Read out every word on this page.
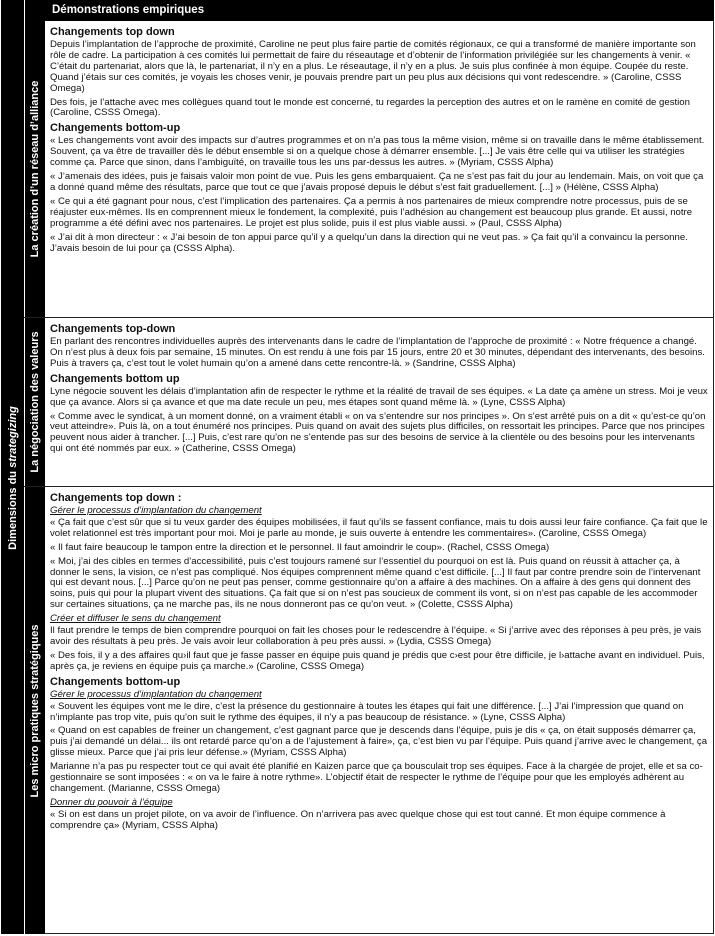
Démonstrations empiriques
Dimensions du strategizing
La création d’un réseau d’alliance
La négociation des valeurs
Les micro pratiques stratégiques
Changements top down

Depuis l’implantation de l’approche de proximité, Caroline ne peut plus faire partie de comités régionaux, ce qui a transformé de manière importante son rôle de cadre. La participation à ces comités lui permettait de faire du réseautage et d’obtenir de l’information privilégiée sur les changements à venir. « C’était du partenariat, alors que là, le partenariat, il n’y en a plus. Le réseautage, il n’y en a plus. Je suis plus confinée à mon équipe. Coupée du reste. Quand j’étais sur ces comités, je voyais les choses venir, je pouvais prendre part un peu plus aux décisions qui vont redescendre. » (Caroline, CSSS Omega)

Des fois, je l’attache avec mes collègues quand tout le monde est concerné, tu regardes la perception des autres et on le ramène en comité de gestion (Caroline, CSSS Omega).

Changements bottom-up

« Les changements vont avoir des impacts sur d’autres programmes et on n’a pas tous la même vision, même si on travaille dans le même établissement. Souvent, ça va être de travailler dès le début ensemble si on a quelque chose à démarrer ensemble. [...] Je vais être celle qui va utiliser les stratégies comme ça. Parce que sinon, dans l’ambiguïté, on travaille tous les uns par-dessus les autres. » (Myriam, CSSS Alpha)

« J’amenais des idées, puis je faisais valoir mon point de vue. Puis les gens embarquaient. Ça ne s’est pas fait du jour au lendemain. Mais, on voit que ça a donné quand même des résultats, parce que tout ce que j’avais proposé depuis le début s’est fait graduellement. [...] » (Hélène, CSSS Alpha)

« Ce qui a été gagnant pour nous, c’est l’implication des partenaires. Ça a permis à nos partenaires de mieux comprendre notre processus, puis de se réajuster eux-mêmes. Ils en comprennent mieux le fondement, la complexité, puis l’adhésion au changement est beaucoup plus grande. Et aussi, notre programme a été défini avec nos partenaires. Le projet est plus solide, puis il est plus viable aussi. » (Paul, CSSS Alpha)

« J’ai dit à mon directeur : « J’ai besoin de ton appui parce qu’il y a quelqu’un dans la direction qui ne veut pas. » Ça fait qu’il a convaincu la personne. J’avais besoin de lui pour ça (CSSS Alpha).

Changements top-down

En parlant des rencontres individuelles auprès des intervenants dans le cadre de l’implantation de l’approche de proximité : « Notre fréquence a changé. On n’est plus à deux fois par semaine, 15 minutes. On est rendu à une fois par 15 jours, entre 20 et 30 minutes, dépendant des intervenants, des besoins. Puis à travers ça, c’est tout le volet humain qu’on a amené dans cette rencontre-là. » (Sandrine, CSSS Alpha)

Changements bottom up

Lyne négocie souvent les délais d’implantation afin de respecter le rythme et la réalité de travail de ses équipes. « La date ça amène un stress. Moi je veux que ça avance. Alors si ça avance et que ma date recule un peu, mes étapes sont quand même là. » (Lyne, CSSS Alpha)

« Comme avec le syndicat, à un moment donné, on a vraiment établi « on va s’entendre sur nos principes ». On s’est arrêté puis on a dit « qu’est-ce qu’on veut atteindre». Puis là, on a tout énuméré nos principes. Puis quand on avait des sujets plus difficiles, on ressortait les principes. Parce que nos principes peuvent nous aider à trancher. [...] Puis, c’est rare qu’on ne s’entende pas sur des besoins de service à la clientèle ou des besoins pour les intervenants qui ont été nommés par eux. » (Catherine, CSSS Omega)

Changements top down :
Gérer le processus d’implantation du changement

« Ça fait que c’est sûr que si tu veux garder des équipes mobilisées, il faut qu’ils se fassent confiance, mais tu dois aussi leur faire confiance. Ça fait que le volet relationnel est très important pour moi. Moi je parle au monde, je suis ouverte à entendre les commentaires». (Caroline, CSSS Omega)

« Il faut faire beaucoup le tampon entre la direction et le personnel. Il faut amoindrir le coup». (Rachel, CSSS Omega)

« Moi, j’ai des cibles en termes d’accessibilité, puis c’est toujours ramené sur l’essentiel du pourquoi on est là. Puis quand on réussit à attacher ça, à donner le sens, la vision, ce n’est pas compliqué. Nos équipes comprennent même quand c’est difficile. [...] Il faut par contre prendre soin de l’intervenant qui est devant nous. [...] Parce qu’on ne peut pas penser, comme gestionnaire qu’on a affaire à des machines. On a affaire à des gens qui donnent des soins, puis qui pour la plupart vivent des situations. Ça fait que si on n’est pas soucieux de comment ils vont, si on n’est pas capable de les accommoder sur certaines situations, ça ne marche pas, ils ne nous donneront pas ce qu’on veut. » (Colette, CSSS Alpha)

Créer et diffuser le sens du changement

Il faut prendre le temps de bien comprendre pourquoi on fait les choses pour le redescendre à l’équipe. « Si j’arrive avec des réponses à peu près, je vais avoir des résultats à peu près. Je vais avoir leur collaboration à peu près aussi. » (Lydia, CSSS Omega)

« Des fois, il y a des affaires qu›il faut que je fasse passer en équipe puis quand je prédis que c›est pour être difficile, je l›attache avant en individuel. Puis, après ça, je reviens en équipe puis ça marche.» (Caroline, CSSS Omega)

Changements bottom-up
Gérer le processus d’implantation du changement

« Souvent les équipes vont me le dire, c’est la présence du gestionnaire à toutes les étapes qui fait une différence. [...] J’ai l’impression que quand on n’implante pas trop vite, puis qu’on suit le rythme des équipes, il n’y a pas beaucoup de résistance. » (Lyne, CSSS Alpha)

« Quand on est capables de freiner un changement, c’est gagnant parce que je descends dans l’équipe, puis je dis « ça, on était supposés démarrer ça, puis j’ai demandé un délai... ils ont retardé parce qu’on a de l’ajustement à faire», ça, c’est bien vu par l’équipe. Puis quand j’arrive avec le changement, ça glisse mieux. Parce que j’ai pris leur défense.» (Myriam, CSSS Alpha)

Marianne n’a pas pu respecter tout ce qui avait été planifié en Kaizen parce que ça bousculait trop ses équipes. Face à la chargée de projet, elle et sa co-gestionnaire se sont imposées : « on va le faire à notre rythme». L’objectif était de respecter le rythme de l’équipe pour que les employés adhèrent au changement. (Marianne, CSSS Omega)

Donner du pouvoir à l’équipe

« Si on est dans un projet pilote, on va avoir de l’influence. On n’arrivera pas avec quelque chose qui est tout canné. Et mon équipe commence à comprendre ça» (Myriam, CSSS Alpha)
